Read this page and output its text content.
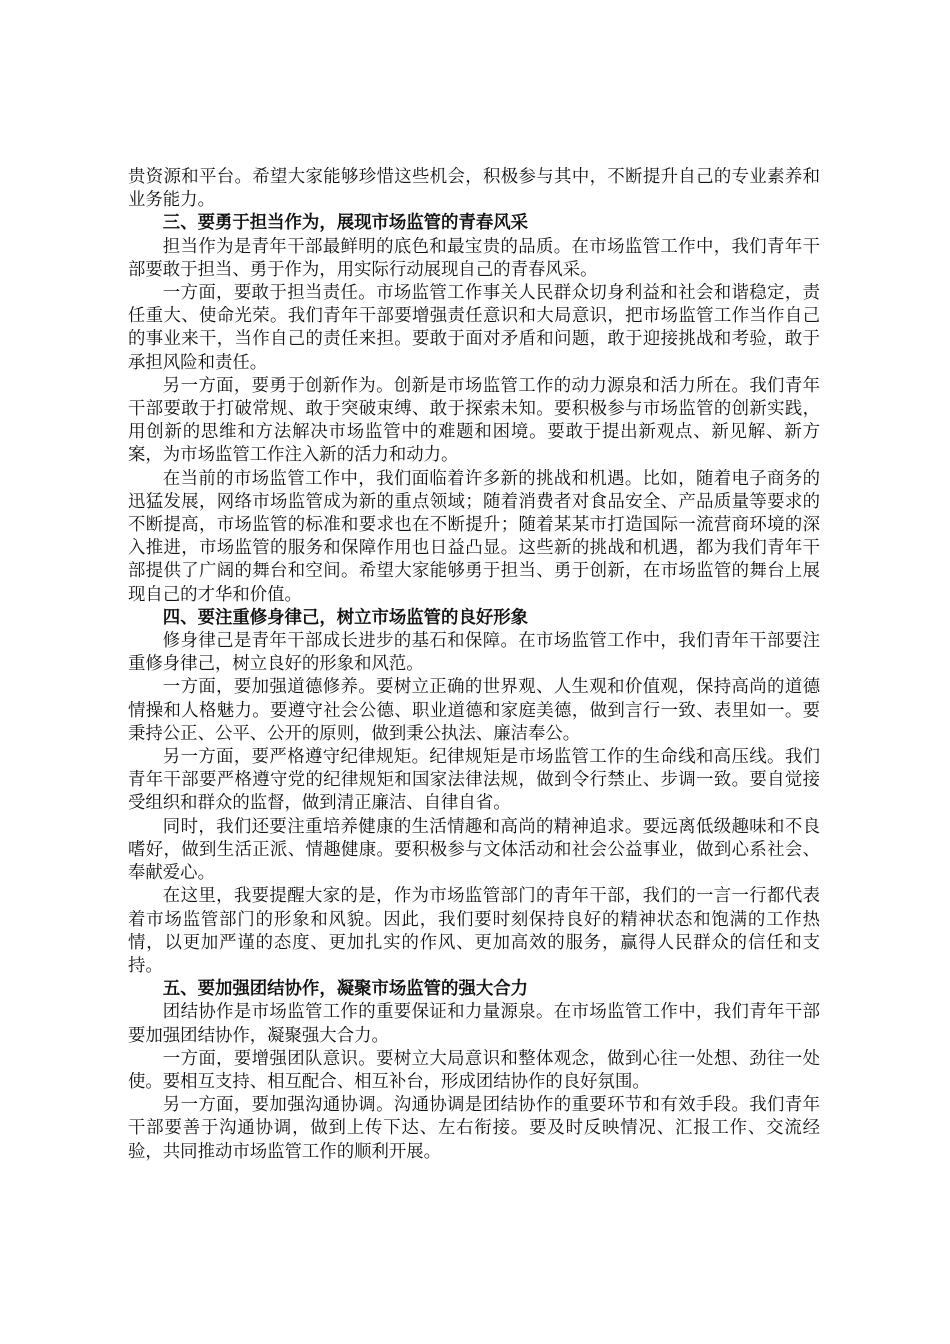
贵资源和平台。希望大家能够珍惜这些机会，积极参与其中，不断提升自己的专业素养和业务能力。

三、要勇于担当作为，展现市场监管的青春风采

担当作为是青年干部最鲜明的底色和最宝贵的品质。在市场监管工作中，我们青年干部要敢于担当、勇于作为，用实际行动展现自己的青春风采。

一方面，要敢于担当责任。市场监管工作事关人民群众切身利益和社会和谐稳定，责任重大、使命光荣。我们青年干部要增强责任意识和大局意识，把市场监管工作当作自己的事业来干，当作自己的责任来担。要敢于面对矛盾和问题，敢于迎接挑战和考验，敢于承担风险和责任。

另一方面，要勇于创新作为。创新是市场监管工作的动力源泉和活力所在。我们青年干部要敢于打破常规、敢于突破束缚、敢于探索未知。要积极参与市场监管的创新实践，用创新的思维和方法解决市场监管中的难题和困境。要敢于提出新观点、新见解、新方案，为市场监管工作注入新的活力和动力。

在当前的市场监管工作中，我们面临着许多新的挑战和机遇。比如，随着电子商务的迅猛发展，网络市场监管成为新的重点领域；随着消费者对食品安全、产品质量等要求的不断提高，市场监管的标准和要求也在不断提升；随着某某市打造国际一流营商环境的深入推进，市场监管的服务和保障作用也日益凸显。这些新的挑战和机遇，都为我们青年干部提供了广阔的舞台和空间。希望大家能够勇于担当、勇于创新，在市场监管的舞台上展现自己的才华和价值。

四、要注重修身律己，树立市场监管的良好形象

修身律己是青年干部成长进步的基石和保障。在市场监管工作中，我们青年干部要注重修身律己，树立良好的形象和风范。

一方面，要加强道德修养。要树立正确的世界观、人生观和价值观，保持高尚的道德情操和人格魅力。要遵守社会公德、职业道德和家庭美德，做到言行一致、表里如一。要秉持公正、公平、公开的原则，做到秉公执法、廉洁奉公。

另一方面，要严格遵守纪律规矩。纪律规矩是市场监管工作的生命线和高压线。我们青年干部要严格遵守党的纪律规矩和国家法律法规，做到令行禁止、步调一致。要自觉接受组织和群众的监督，做到清正廉洁、自律自省。

同时，我们还要注重培养健康的生活情趣和高尚的精神追求。要远离低级趣味和不良嗜好，做到生活正派、情趣健康。要积极参与文体活动和社会公益事业，做到心系社会、奉献爱心。

在这里，我要提醒大家的是，作为市场监管部门的青年干部，我们的一言一行都代表着市场监管部门的形象和风貌。因此，我们要时刻保持良好的精神状态和饱满的工作热情，以更加严谨的态度、更加扎实的作风、更加高效的服务，赢得人民群众的信任和支持。

五、要加强团结协作，凝聚市场监管的强大合力

团结协作是市场监管工作的重要保证和力量源泉。在市场监管工作中，我们青年干部要加强团结协作，凝聚强大合力。

一方面，要增强团队意识。要树立大局意识和整体观念，做到心往一处想、劲往一处使。要相互支持、相互配合、相互补台，形成团结协作的良好氛围。

另一方面，要加强沟通协调。沟通协调是团结协作的重要环节和有效手段。我们青年干部要善于沟通协调，做到上传下达、左右衔接。要及时反映情况、汇报工作、交流经验，共同推动市场监管工作的顺利开展。
